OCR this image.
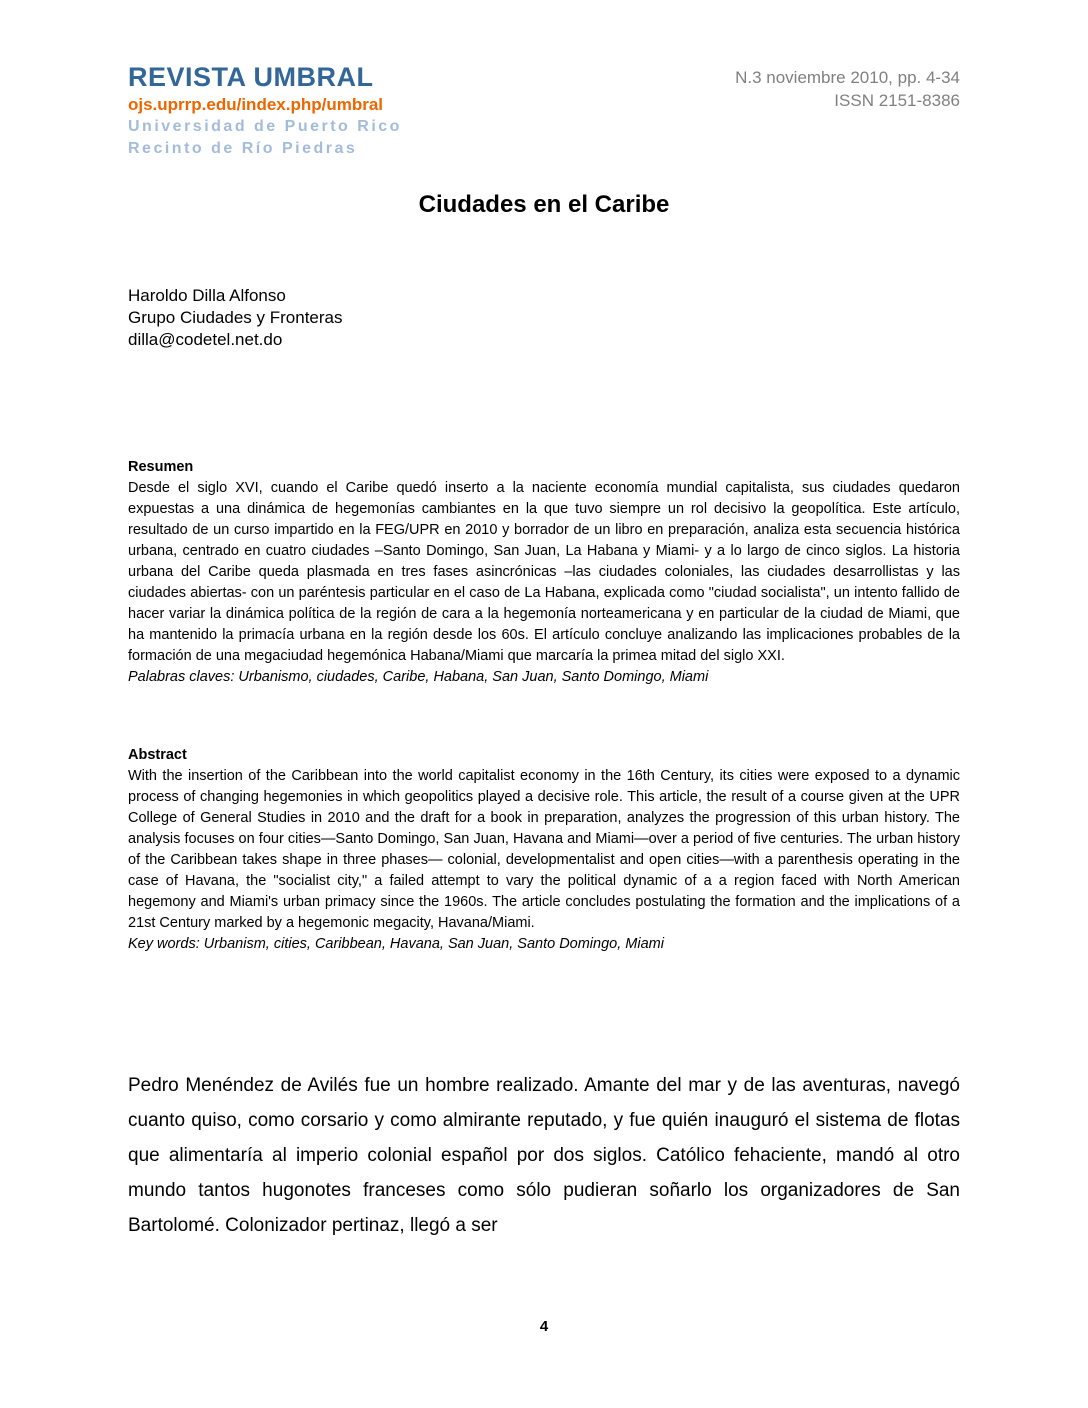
REVISTA UMBRAL
ojs.uprrp.edu/index.php/umbral
Universidad de Puerto Rico
Recinto de Río Piedras
N.3 noviembre 2010, pp. 4-34
ISSN 2151-8386
Ciudades en el Caribe
Haroldo Dilla Alfonso
Grupo Ciudades y Fronteras
dilla@codetel.net.do
Resumen
Desde el siglo XVI, cuando el Caribe quedó inserto a la naciente economía mundial capitalista, sus ciudades quedaron expuestas a una dinámica de hegemonías cambiantes en la que tuvo siempre un rol decisivo la geopolítica. Este artículo, resultado de un curso impartido en la FEG/UPR en 2010 y borrador de un libro en preparación, analiza esta secuencia histórica urbana, centrado en cuatro ciudades –Santo Domingo, San Juan, La Habana y Miami- y a lo largo de cinco siglos. La historia urbana del Caribe queda plasmada en tres fases asincrónicas –las ciudades coloniales, las ciudades desarrollistas y las ciudades abiertas- con un paréntesis particular en el caso de La Habana, explicada como "ciudad socialista", un intento fallido de hacer variar la dinámica política de la región de cara a la hegemonía norteamericana y en particular de la ciudad de Miami, que ha mantenido la primacía urbana en la región desde los 60s. El artículo concluye analizando las implicaciones probables de la formación de una megaciudad hegemónica Habana/Miami que marcaría la primea mitad del siglo XXI.
Palabras claves: Urbanismo, ciudades, Caribe, Habana, San Juan, Santo Domingo, Miami
Abstract
With the insertion of the Caribbean into the world capitalist economy in the 16th Century, its cities were exposed to a dynamic process of changing hegemonies in which geopolitics played a decisive role. This article, the result of a course given at the UPR College of General Studies in 2010 and the draft for a book in preparation, analyzes the progression of this urban history. The analysis focuses on four cities—Santo Domingo, San Juan, Havana and Miami—over a period of five centuries. The urban history of the Caribbean takes shape in three phases— colonial, developmentalist and open cities—with a parenthesis operating in the case of Havana, the "socialist city," a failed attempt to vary the political dynamic of a a region faced with North American hegemony and Miami's urban primacy since the 1960s. The article concludes postulating the formation and the implications of a 21st Century marked by a hegemonic megacity, Havana/Miami.
Key words: Urbanism, cities, Caribbean, Havana, San Juan, Santo Domingo, Miami
Pedro Menéndez de Avilés fue un hombre realizado. Amante del mar y de las aventuras, navegó cuanto quiso, como corsario y como almirante reputado, y fue quién inauguró el sistema de flotas que alimentaría al imperio colonial español por dos siglos. Católico fehaciente, mandó al otro mundo tantos hugonotes franceses como sólo pudieran soñarlo los organizadores de San Bartolomé. Colonizador pertinaz, llegó a ser
4
